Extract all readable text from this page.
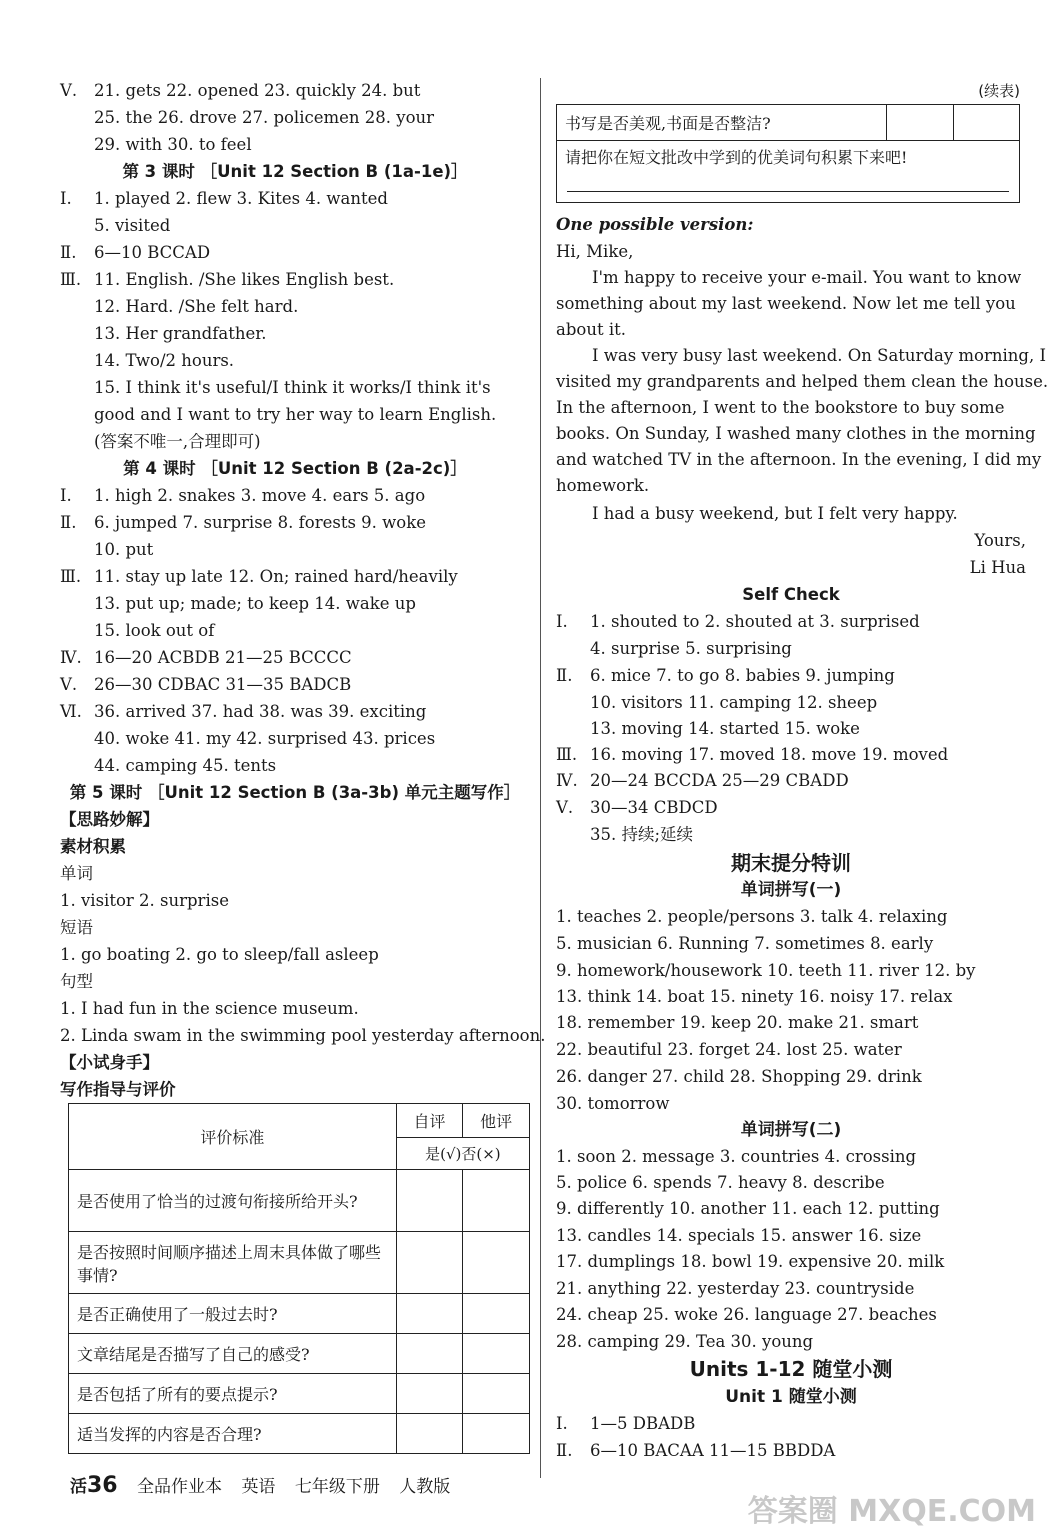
Ⅴ. 21. gets 22. opened 23. quickly 24. but
25. the 26. drove 27. policemen 28. your
29. with 30. to feel
第 3 课时 ［Unit 12 Section B (1a-1e)］
Ⅰ. 1. played 2. flew 3. Kites 4. wanted
5. visited
Ⅱ. 6—10 BCCAD
Ⅲ. 11. English. /She likes English best.
12. Hard. /She felt hard.
13. Her grandfather.
14. Two/2 hours.
15. I think it's useful/I think it works/I think it's
good and I want to try her way to learn English.
(答案不唯一,合理即可)
第 4 课时 ［Unit 12 Section B (2a-2c)］
Ⅰ. 1. high 2. snakes 3. move 4. ears 5. ago
Ⅱ. 6. jumped 7. surprise 8. forests 9. woke
10. put
Ⅲ. 11. stay up late 12. On; rained hard/heavily
13. put up; made; to keep 14. wake up
15. look out of
Ⅳ. 16—20 ACBDB 21—25 BCCCC
Ⅴ. 26—30 CDBAC 31—35 BADCB
Ⅵ. 36. arrived 37. had 38. was 39. exciting
40. woke 41. my 42. surprised 43. prices
44. camping 45. tents
第 5 课时 ［Unit 12 Section B (3a-3b) 单元主题写作］
【思路妙解】
素材积累
单词
1. visitor 2. surprise
短语
1. go boating 2. go to sleep/fall asleep
句型
1. I had fun in the science museum.
2. Linda swam in the swimming pool yesterday afternoon.
【小试身手】
写作指导与评价
评价标准	自评	他评
	是(√)否(×)	
是否使用了恰当的过渡句衔接所给开头?		
是否按照时间顺序描述上周末具体做了哪些事情?		
是否正确使用了一般过去时?		
文章结尾是否描写了自己的感受?		
是否包括了所有的要点提示?		
适当发挥的内容是否合理?		
(续表)
书写是否美观,书面是否整洁?		
请把你在短文批改中学到的优美词句积累下来吧!
One possible version:
Hi, Mike,
I'm happy to receive your e-mail. You want to know
something about my last weekend. Now let me tell you
about it.
I was very busy last weekend. On Saturday morning, I
visited my grandparents and helped them clean the house.
In the afternoon, I went to the bookstore to buy some
books. On Sunday, I washed many clothes in the morning
and watched TV in the afternoon. In the evening, I did my
homework.
I had a busy weekend, but I felt very happy.
Yours,
Li Hua
Self Check
Ⅰ. 1. shouted to 2. shouted at 3. surprised
4. surprise 5. surprising
Ⅱ. 6. mice 7. to go 8. babies 9. jumping
10. visitors 11. camping 12. sheep
13. moving 14. started 15. woke
Ⅲ. 16. moving 17. moved 18. move 19. moved
Ⅳ. 20—24 BCCDA 25—29 CBADD
Ⅴ. 30—34 CBDCD
35. 持续;延续
期末提分特训
单词拼写(一)
1. teaches 2. people/persons 3. talk 4. relaxing
5. musician 6. Running 7. sometimes 8. early
9. homework/housework 10. teeth 11. river 12. by
13. think 14. boat 15. ninety 16. noisy 17. relax
18. remember 19. keep 20. make 21. smart
22. beautiful 23. forget 24. lost 25. water
26. danger 27. child 28. Shopping 29. drink
30. tomorrow
单词拼写(二)
1. soon 2. message 3. countries 4. crossing
5. police 6. spends 7. heavy 8. describe
9. differently 10. another 11. each 12. putting
13. candles 14. specials 15. answer 16. size
17. dumplings 18. bowl 19. expensive 20. milk
21. anything 22. yesterday 23. countryside
24. cheap 25. woke 26. language 27. beaches
28. camping 29. Tea 30. young
Units 1-12 随堂小测
Unit 1 随堂小测
Ⅰ. 1—5 DBADB
Ⅱ. 6—10 BACAA 11—15 BBDDA
活36 全品作业本 英语 七年级下册 人教版
答案圈 MXQE.COM
